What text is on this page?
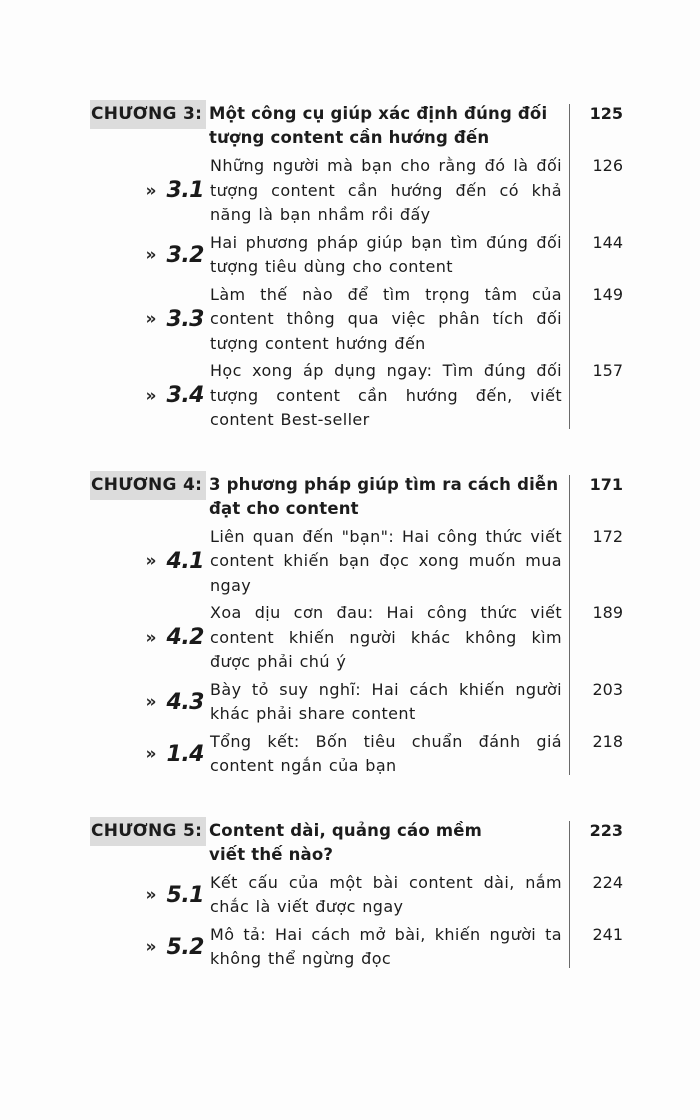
CHƯƠNG 3: Một công cụ giúp xác định đúng đối tượng content cần hướng đến
125
» 3.1
Những người mà bạn cho rằng đó là đối tượng content cần hướng đến có khả năng là bạn nhầm rồi đấy
126
» 3.2
Hai phương pháp giúp bạn tìm đúng đối tượng tiêu dùng cho content
144
» 3.3
Làm thế nào để tìm trọng tâm của content thông qua việc phân tích đối tượng content hướng đến
149
» 3.4
Học xong áp dụng ngay: Tìm đúng đối tượng content cần hướng đến, viết content Best-seller
157
CHƯƠNG 4: 3 phương pháp giúp tìm ra cách diễn đạt cho content
171
» 4.1
Liên quan đến "bạn": Hai công thức viết content khiến bạn đọc xong muốn mua ngay
172
» 4.2
Xoa dịu cơn đau: Hai công thức viết content khiến người khác không kìm được phải chú ý
189
» 4.3
Bày tỏ suy nghĩ: Hai cách khiến người khác phải share content
203
» 1.4
Tổng kết: Bốn tiêu chuẩn đánh giá content ngắn của bạn
218
CHƯƠNG 5: Content dài, quảng cáo mềm viết thế nào?
223
» 5.1
Kết cấu của một bài content dài, nắm chắc là viết được ngay
224
» 5.2
Mô tả: Hai cách mở bài, khiến người ta không thể ngừng đọc
241
